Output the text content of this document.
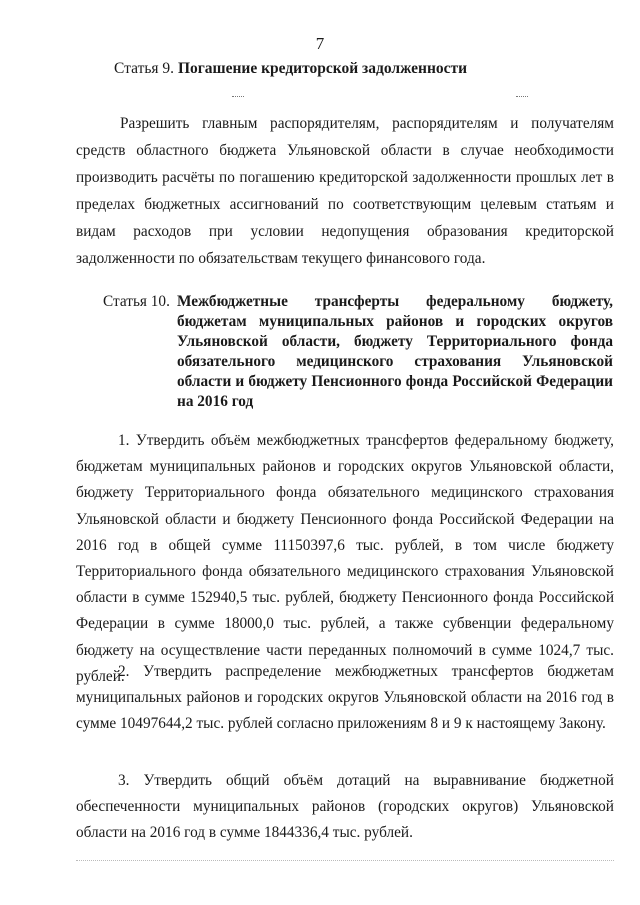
7
Статья 9. Погашение кредиторской задолженности

Разрешить главным распорядителям, распорядителям и получателям средств областного бюджета Ульяновской области в случае необходимости производить расчёты по погашению кредиторской задолженности прошлых лет в пределах бюджетных ассигнований по соответствующим целевым статьям и видам расходов при условии недопущения образования кредиторской задолженности по обязательствам текущего финансового года.

Статья 10. Межбюджетные трансферты федеральному бюджету, бюджетам муниципальных районов и городских округов Ульяновской области, бюджету Территориального фонда обязательного медицинского страхования Ульяновской области и бюджету Пенсионного фонда Российской Федерации на 2016 год

1. Утвердить объём межбюджетных трансфертов федеральному бюджету, бюджетам муниципальных районов и городских округов Ульяновской области, бюджету Территориального фонда обязательного медицинского страхования Ульяновской области и бюджету Пенсионного фонда Российской Федерации на 2016 год в общей сумме 11150397,6 тыс. рублей, в том числе бюджету Территориального фонда обязательного медицинского страхования Ульяновской области в сумме 152940,5 тыс. рублей, бюджету Пенсионного фонда Российской Федерации в сумме 18000,0 тыс. рублей, а также субвенции федеральному бюджету на осуществление части переданных полномочий в сумме 1024,7 тыс. рублей.

2. Утвердить распределение межбюджетных трансфертов бюджетам муниципальных районов и городских округов Ульяновской области на 2016 год в сумме 10497644,2 тыс. рублей согласно приложениям 8 и 9 к настоящему Закону.

3. Утвердить общий объём дотаций на выравнивание бюджетной обеспеченности муниципальных районов (городских округов) Ульяновской области на 2016 год в сумме 1844336,4 тыс. рублей.
